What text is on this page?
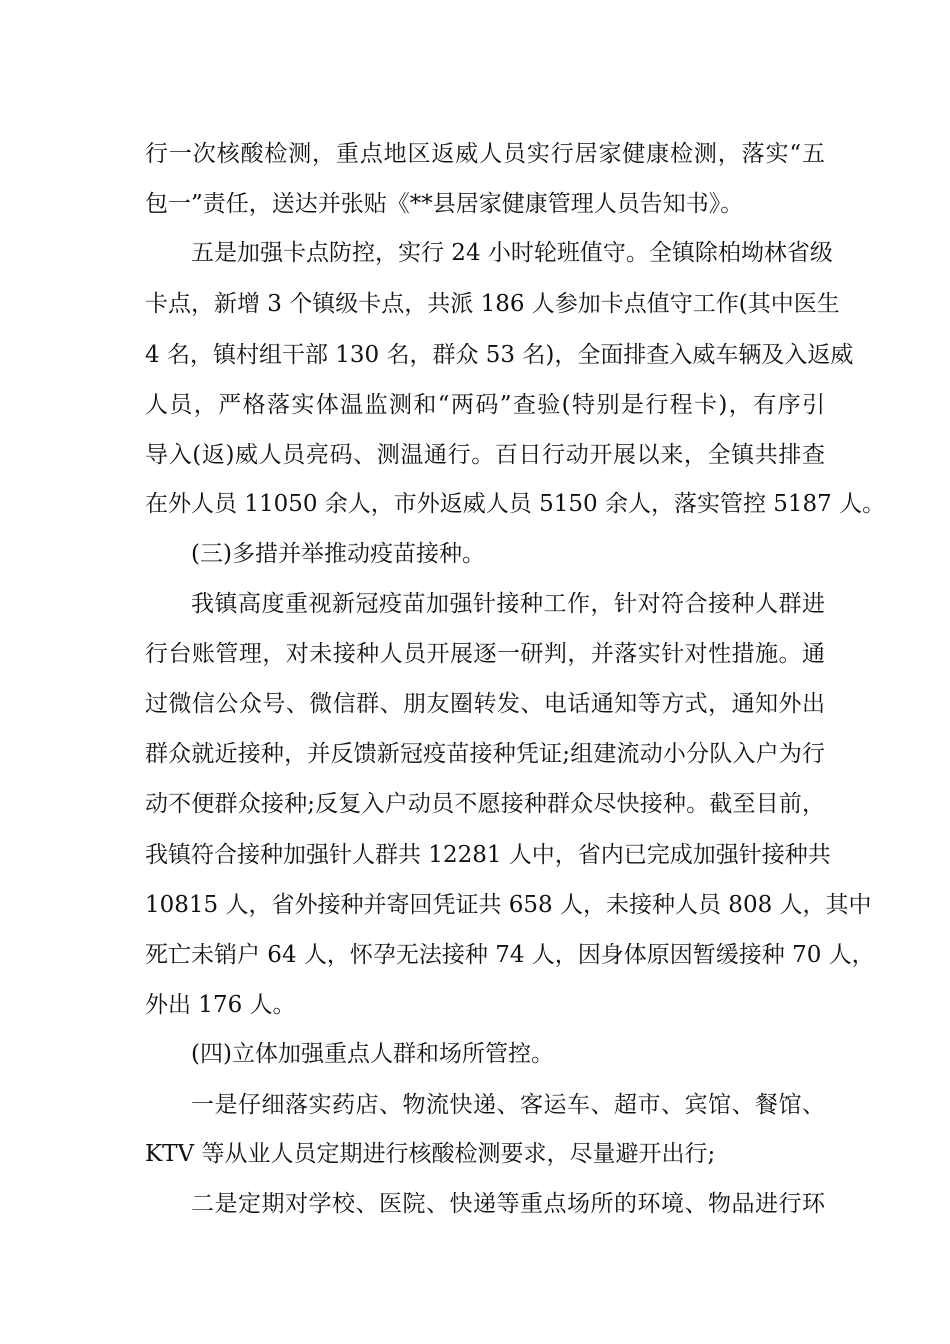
行一次核酸检测，重点地区返威人员实行居家健康检测，落实“五

包一”责任，送达并张贴《**县居家健康管理人员告知书》。

五是加强卡点防控，实行 24 小时轮班值守。全镇除柏坳林省级

卡点，新增 3 个镇级卡点，共派 186 人参加卡点值守工作(其中医生

4 名，镇村组干部 130 名，群众 53 名)，全面排查入威车辆及入返威

人员，严格落实体温监测和“两码”查验(特别是行程卡)，有序引

导入(返)威人员亮码、测温通行。百日行动开展以来，全镇共排查

在外人员 11050 余人，市外返威人员 5150 余人，落实管控 5187 人。

(三)多措并举推动疫苗接种。

我镇高度重视新冠疫苗加强针接种工作，针对符合接种人群进

行台账管理，对未接种人员开展逐一研判，并落实针对性措施。通

过微信公众号、微信群、朋友圈转发、电话通知等方式，通知外出

群众就近接种，并反馈新冠疫苗接种凭证;组建流动小分队入户为行

动不便群众接种;反复入户动员不愿接种群众尽快接种。截至目前，

我镇符合接种加强针人群共 12281 人中，省内已完成加强针接种共

10815 人，省外接种并寄回凭证共 658 人，未接种人员 808 人，其中

死亡未销户 64 人，怀孕无法接种 74 人，因身体原因暂缓接种 70 人，

外出 176 人。

(四)立体加强重点人群和场所管控。

一是仔细落实药店、物流快递、客运车、超市、宾馆、餐馆、

KTV 等从业人员定期进行核酸检测要求，尽量避开出行;

二是定期对学校、医院、快递等重点场所的环境、物品进行环
